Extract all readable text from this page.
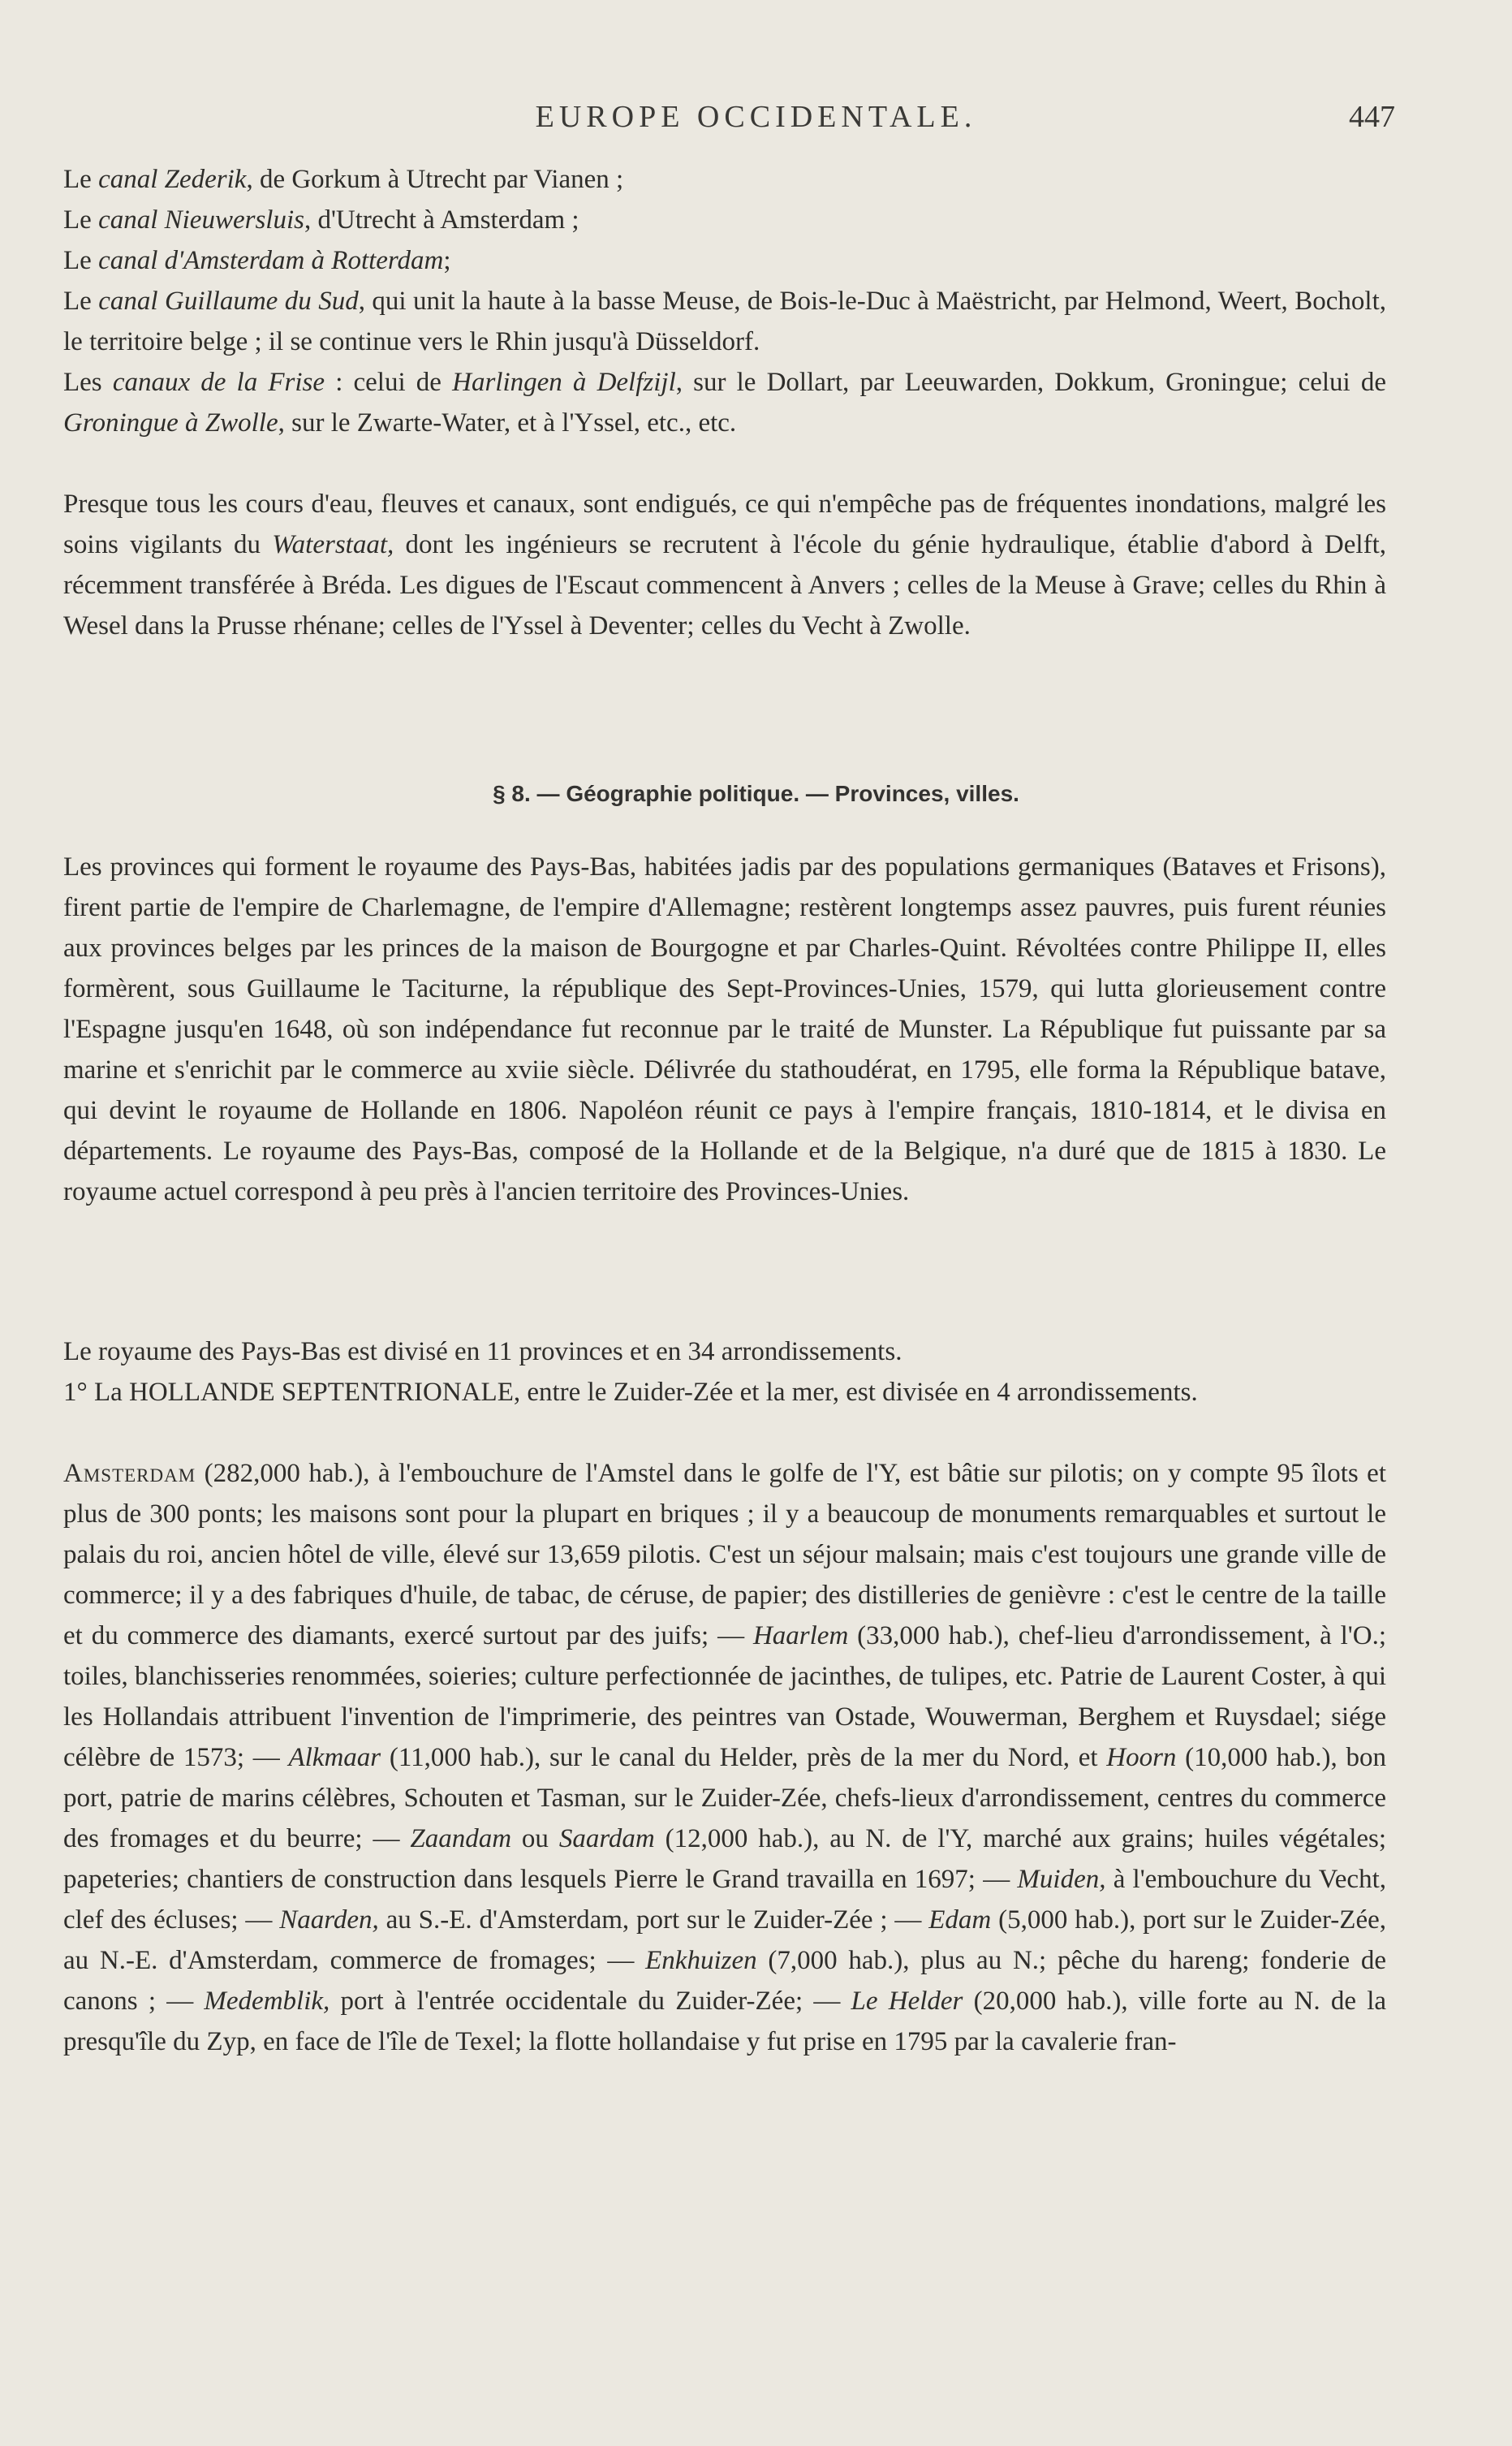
EUROPE OCCIDENTALE.	447

Le canal Zederik, de Gorkum à Utrecht par Vianen ;

Le canal Nieuwersluis, d'Utrecht à Amsterdam ;

Le canal d'Amsterdam à Rotterdam;

Le canal Guillaume du Sud, qui unit la haute à la basse Meuse, de Bois-le-Duc à Maëstricht, par Helmond, Weert, Bocholt, le territoire belge ; il se continue vers le Rhin jusqu'à Düsseldorf.

Les canaux de la Frise : celui de Harlingen à Delfzijl, sur le Dollart, par Leeuwarden, Dokkum, Groningue; celui de Groningue à Zwolle, sur le Zwarte-Water, et à l'Yssel, etc., etc.

Presque tous les cours d'eau, fleuves et canaux, sont endigués, ce qui n'empêche pas de fréquentes inondations, malgré les soins vigilants du Waterstaat, dont les ingénieurs se recrutent à l'école du génie hydraulique, établie d'abord à Delft, récemment transférée à Bréda. Les digues de l'Escaut commencent à Anvers ; celles de la Meuse à Grave; celles du Rhin à Wesel dans la Prusse rhénane; celles de l'Yssel à Deventer; celles du Vecht à Zwolle.

§ 8. — Géographie politique. — Provinces, villes.

Les provinces qui forment le royaume des Pays-Bas, habitées jadis par des populations germaniques (Bataves et Frisons), firent partie de l'empire de Charlemagne, de l'empire d'Allemagne; restèrent longtemps assez pauvres, puis furent réunies aux provinces belges par les princes de la maison de Bourgogne et par Charles-Quint. Révoltées contre Philippe II, elles formèrent, sous Guillaume le Taciturne, la république des Sept-Provinces-Unies, 1579, qui lutta glorieusement contre l'Espagne jusqu'en 1648, où son indépendance fut reconnue par le traité de Munster. La République fut puissante par sa marine et s'enrichit par le commerce au xviie siècle. Délivrée du stathoudérat, en 1795, elle forma la République batave, qui devint le royaume de Hollande en 1806. Napoléon réunit ce pays à l'empire français, 1810-1814, et le divisa en départements. Le royaume des Pays-Bas, composé de la Hollande et de la Belgique, n'a duré que de 1815 à 1830. Le royaume actuel correspond à peu près à l'ancien territoire des Provinces-Unies.

Le royaume des Pays-Bas est divisé en 11 provinces et en 34 arrondissements.

1° La HOLLANDE SEPTENTRIONALE, entre le Zuider-Zée et la mer, est divisée en 4 arrondissements.

Amsterdam (282,000 hab.), à l'embouchure de l'Amstel dans le golfe de l'Y, est bâtie sur pilotis; on y compte 95 îlots et plus de 300 ponts; les maisons sont pour la plupart en briques ; il y a beaucoup de monuments remarquables et surtout le palais du roi, ancien hôtel de ville, élevé sur 13,659 pilotis. C'est un séjour malsain; mais c'est toujours une grande ville de commerce; il y a des fabriques d'huile, de tabac, de céruse, de papier; des distilleries de genièvre : c'est le centre de la taille et du commerce des diamants, exercé surtout par des juifs; — Haarlem (33,000 hab.), chef-lieu d'arrondissement, à l'O.; toiles, blanchisseries renommées, soieries; culture perfectionnée de jacinthes, de tulipes, etc. Patrie de Laurent Coster, à qui les Hollandais attribuent l'invention de l'imprimerie, des peintres van Ostade, Wouwerman, Berghem et Ruysdael; siége célèbre de 1573; — Alkmaar (11,000 hab.), sur le canal du Helder, près de la mer du Nord, et Hoorn (10,000 hab.), bon port, patrie de marins célèbres, Schouten et Tasman, sur le Zuider-Zée, chefs-lieux d'arrondissement, centres du commerce des fromages et du beurre; — Zaandam ou Saardam (12,000 hab.), au N. de l'Y, marché aux grains; huiles végétales; papeteries; chantiers de construction dans lesquels Pierre le Grand travailla en 1697; — Muiden, à l'embouchure du Vecht, clef des écluses; — Naarden, au S.-E. d'Amsterdam, port sur le Zuider-Zée ; — Edam (5,000 hab.), port sur le Zuider-Zée, au N.-E. d'Amsterdam, commerce de fromages; — Enkhuizen (7,000 hab.), plus au N.; pêche du hareng; fonderie de canons ; — Medemblik, port à l'entrée occidentale du Zuider-Zée; — Le Helder (20,000 hab.), ville forte au N. de la presqu'île du Zyp, en face de l'île de Texel; la flotte hollandaise y fut prise en 1795 par la cavalerie fran-
